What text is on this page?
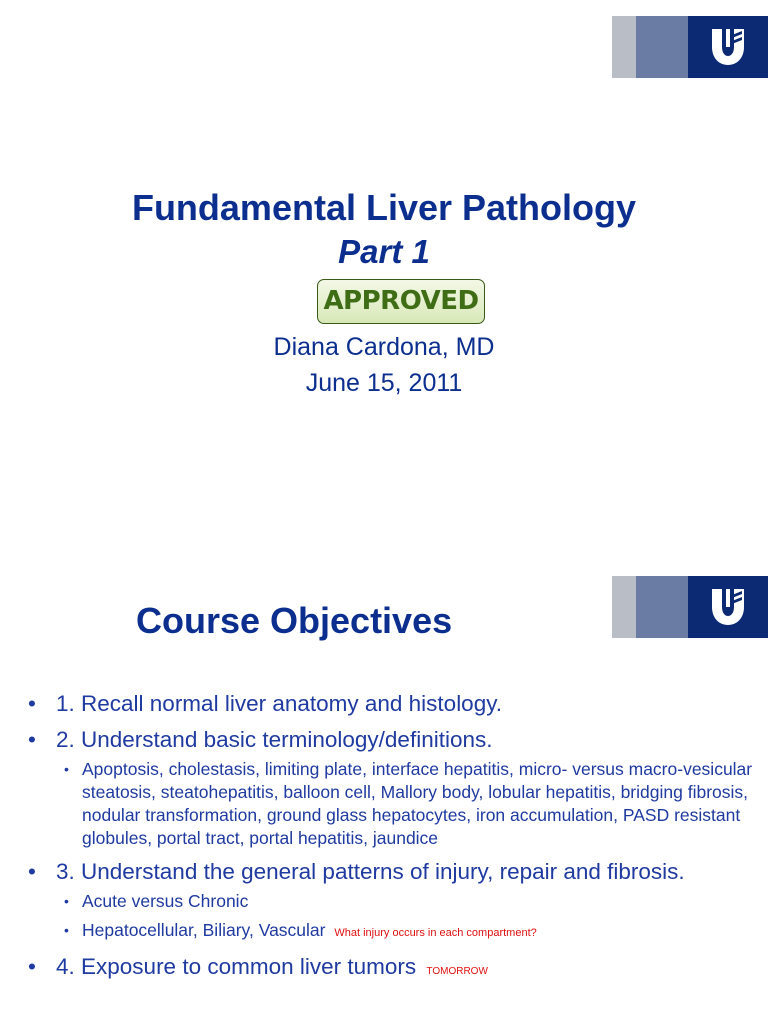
Fundamental Liver Pathology
Part 1
APPROVED
Diana Cardona, MD
June 15, 2011
Course Objectives
• 1. Recall normal liver anatomy and histology.
• 2. Understand basic terminology/definitions.
• Apoptosis, cholestasis, limiting plate, interface hepatitis, micro- versus macro-vesicular steatosis, steatohepatitis, balloon cell, Mallory body, lobular hepatitis, bridging fibrosis, nodular transformation, ground glass hepatocytes, iron accumulation, PASD resistant globules, portal tract, portal hepatitis, jaundice
• 3. Understand the general patterns of injury, repair and fibrosis.
• Acute versus Chronic
• Hepatocellular, Biliary, Vascular What injury occurs in each compartment?
• 4. Exposure to common liver tumors TOMORROW
